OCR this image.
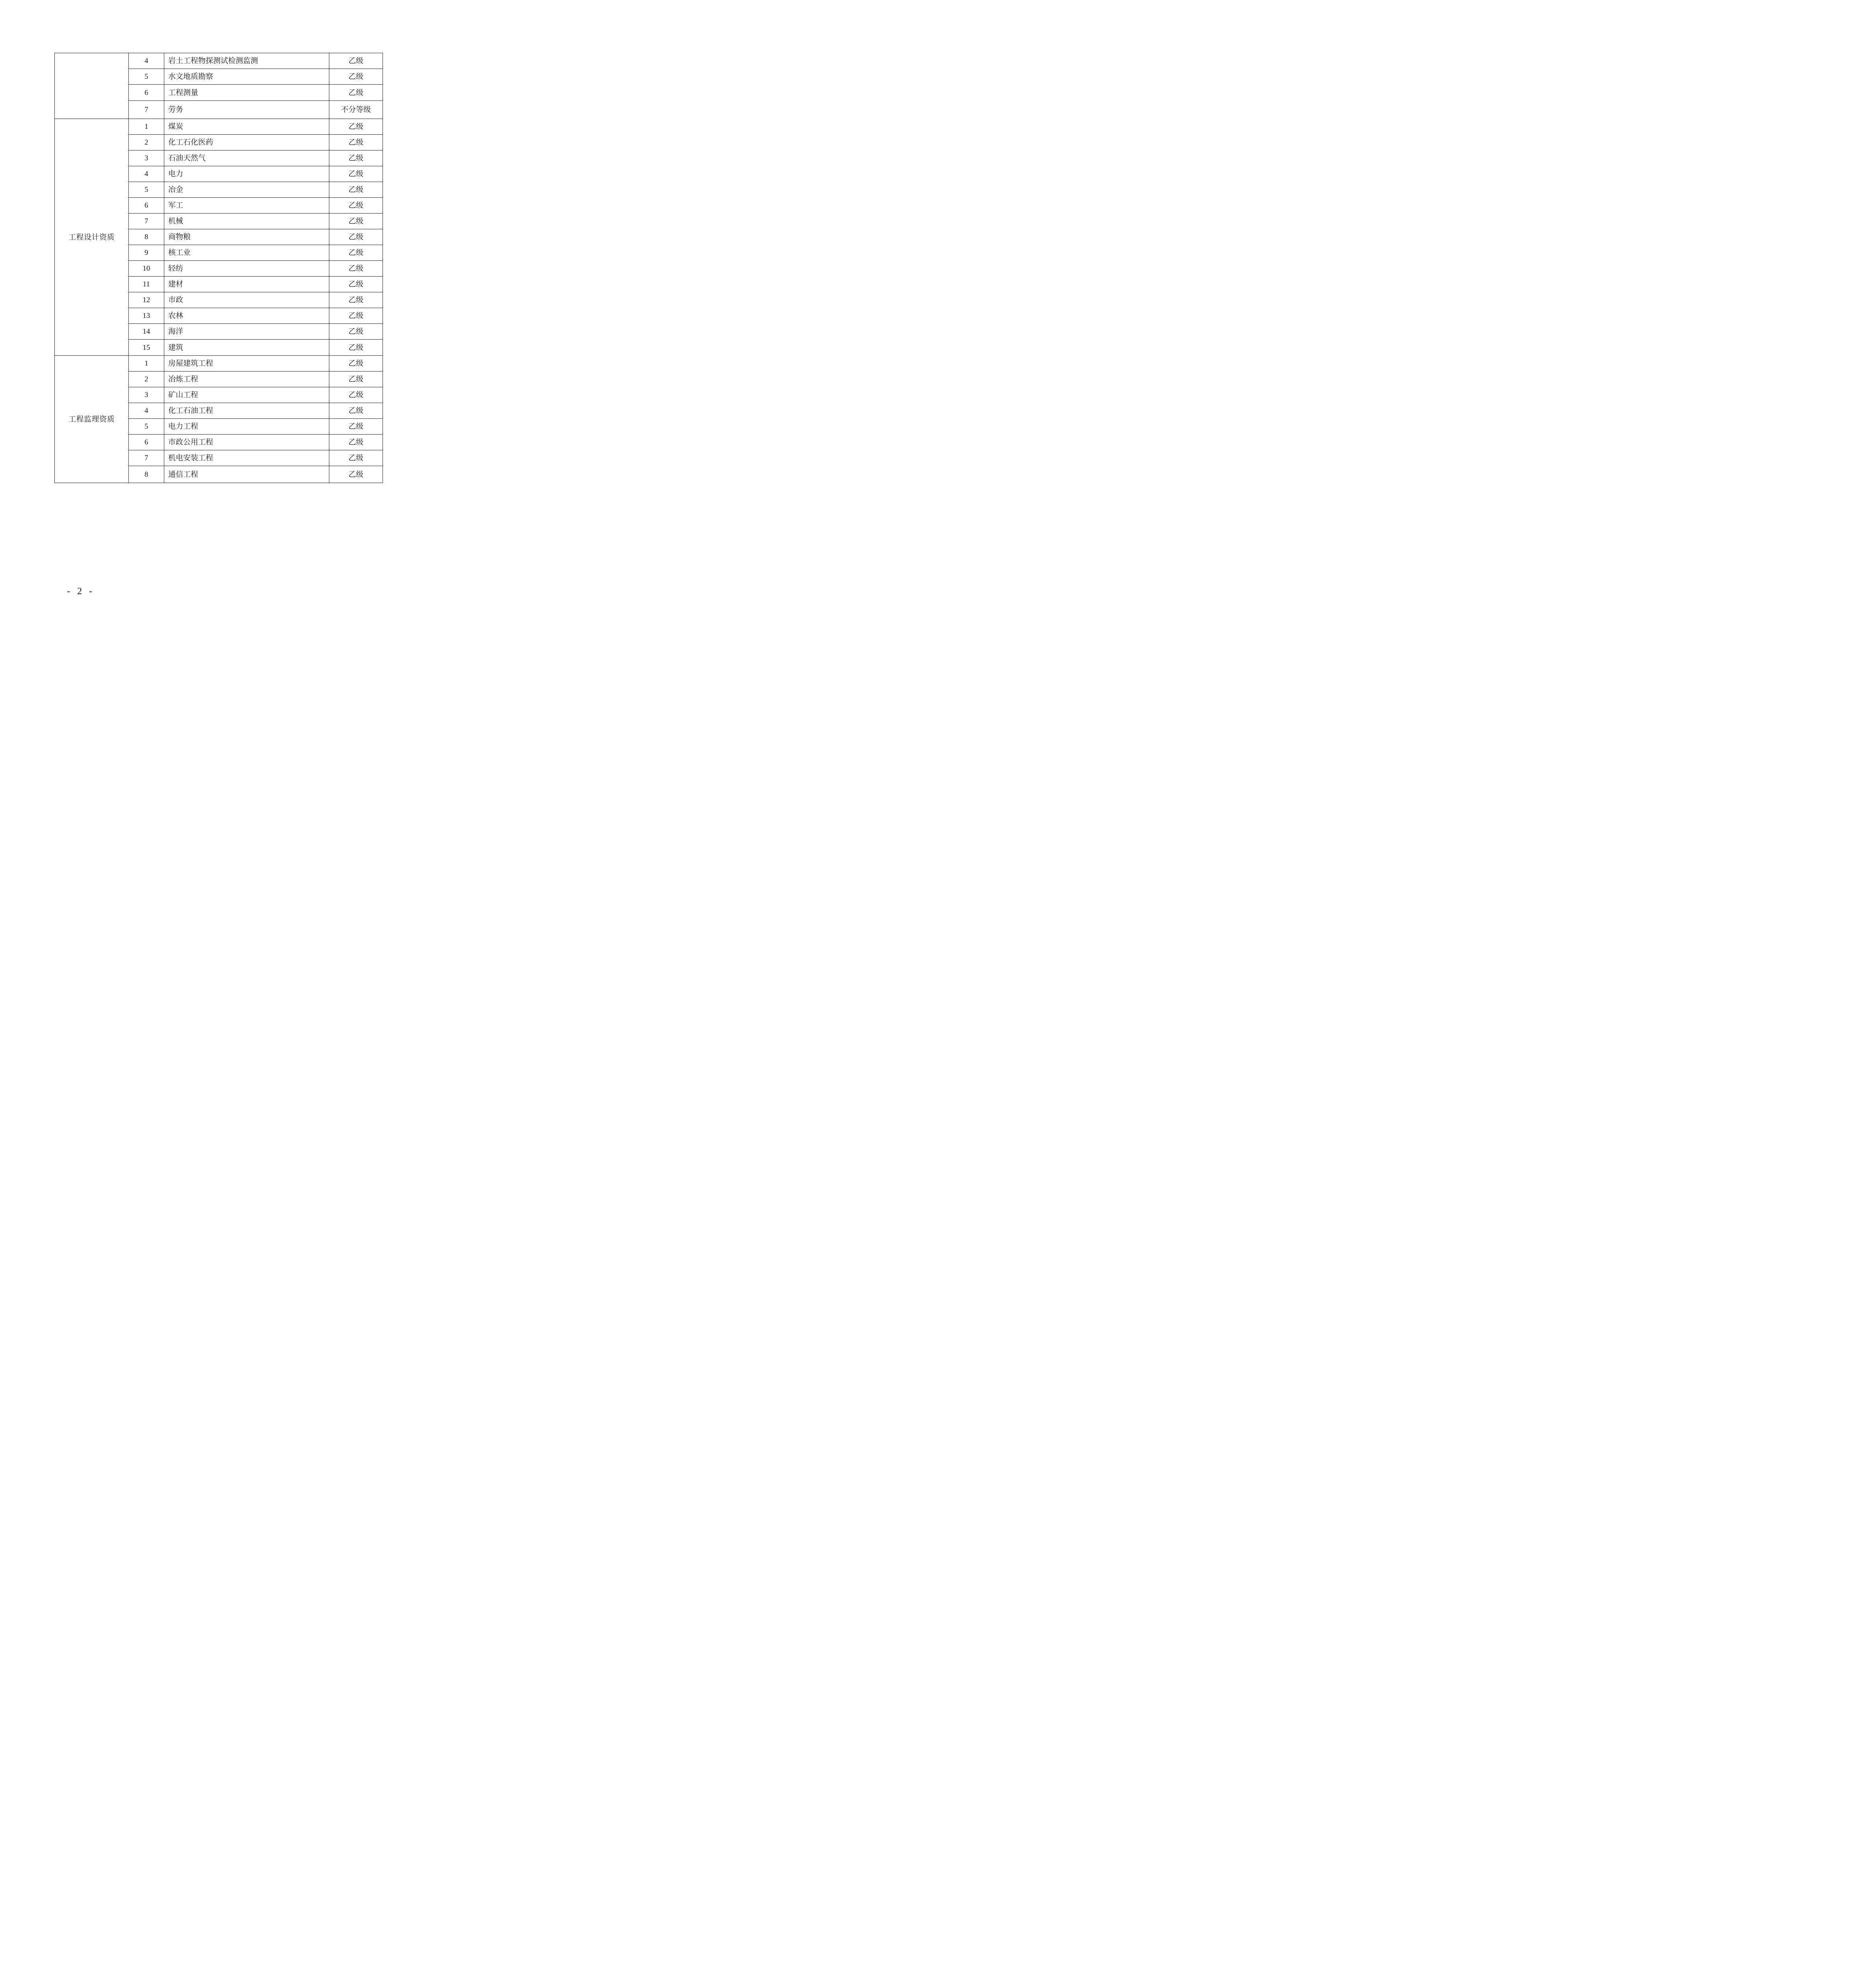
	4	岩土工程物探测试检测监测	乙级
	5	水文地质勘察	乙级
	6	工程测量	乙级
	7	劳务	不分等级
工程设计资质	1	煤炭	乙级
	2	化工石化医药	乙级
	3	石油天然气	乙级
	4	电力	乙级
	5	冶金	乙级
	6	军工	乙级
	7	机械	乙级
	8	商物粮	乙级
	9	核工业	乙级
	10	轻纺	乙级
	11	建材	乙级
	12	市政	乙级
	13	农林	乙级
	14	海洋	乙级
	15	建筑	乙级
工程监理资质	1	房屋建筑工程	乙级
	2	冶炼工程	乙级
	3	矿山工程	乙级
	4	化工石油工程	乙级
	5	电力工程	乙级
	6	市政公用工程	乙级
	7	机电安装工程	乙级
	8	通信工程	乙级
- 2 -
